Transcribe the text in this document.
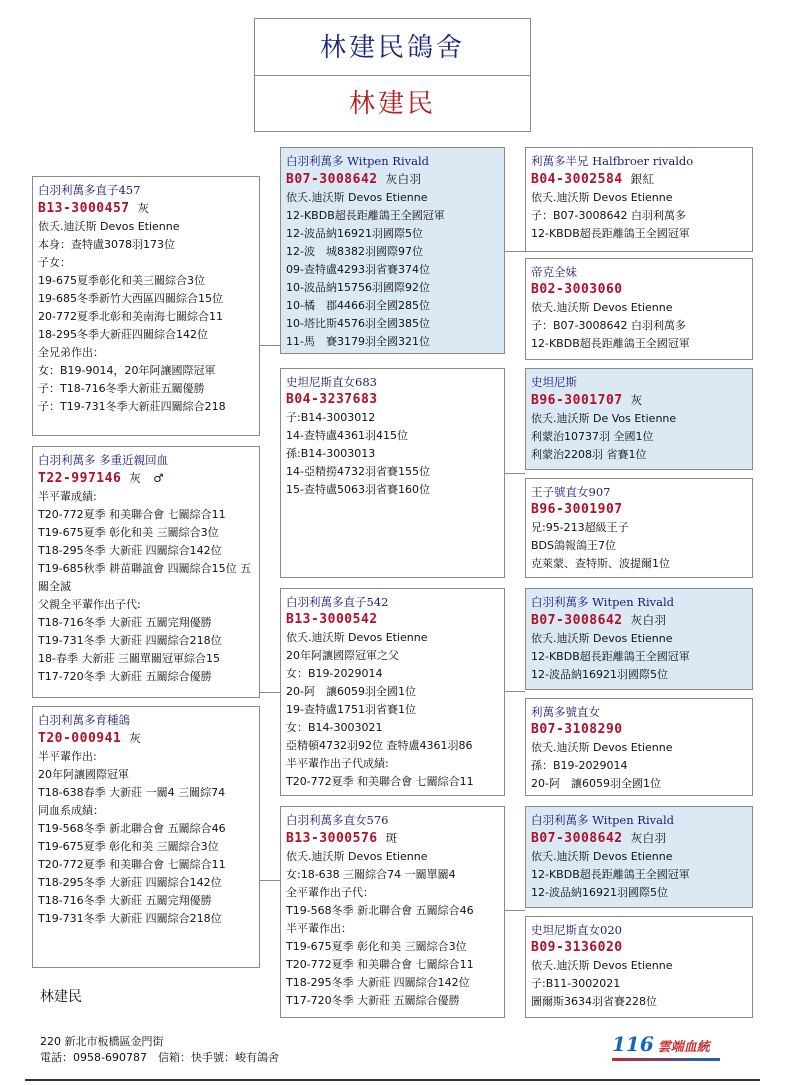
林建民鴿舍
林建民
白羽利萬多直子457
B13-3000457 灰
依夭.迪沃斯 Devos Etienne
本身：查特盧3078羽173位
子女：
19-675夏季彰化和美三關綜合3位
19-685冬季新竹大西區四關綜合15位
20-772夏季北彰和美南海七關綜合11
18-295冬季大新莊四關綜合142位
全兄弟作出：
女：B19-9014，20年阿讓國際冠軍
子：T18-716冬季大新莊五關優勝
子：T19-731冬季大新莊四關綜合218
白羽利萬多 Witpen Rivald
B07-3008642 灰白羽
依夭.迪沃斯 Devos Etienne
12-KBDB超長距離鴿王全國冠軍
12-波品納16921羽國際5位
12-波　城8382羽國際97位
09-查特盧4293羽省賽374位
10-波品納15756羽國際92位
10-橘　郡4466羽全國285位
10-塔比斯4576羽全國385位
11-馬　賽3179羽全國321位
利萬多半兄 Halfbroer rivaldo
B04-3002584 銀紅
依夭.迪沃斯 Devos Etienne
子：B07-3008642 白羽利萬多
12-KBDB超長距離鴿王全國冠軍
帝克全妹
B02-3003060
依夭.迪沃斯 Devos Etienne
子：B07-3008642 白羽利萬多
12-KBDB超長距離鴿王全國冠軍
史坦尼斯直女683
B04-3237683
子:B14-3003012
14-查特盧4361羽415位
孫:B14-3003013
14-亞精撈4732羽省賽155位
15-查特盧5063羽省賽160位
史坦尼斯
B96-3001707 灰
依夭.迪沃斯 De Vos Etienne
利蒙治10737羽 全國1位
利蒙治2208羽 省賽1位
王子號直女907
B96-3001907
兄:95-213超級王子
BDS鴿報鴿王7位
克萊蒙、查特斯、波提爾1位
白羽利萬多 多重近親回血
T22-997146 灰　♂
半平輩成績:
T20-772夏季 和美聯合會 七關綜合11
T19-675夏季 彰化和美 三關綜合3位
T18-295冬季 大新莊 四關綜合142位
T19-685秋季 耕苗聯誼會 四關綜合15位 五關全滅
父親全平輩作出子代:
T18-716冬季 大新莊 五關完翔優勝
T19-731冬季 大新莊 四關綜合218位
18-春季 大新莊 三關單關冠軍綜合15
T17-720冬季 大新莊 五關綜合優勝
白羽利萬多育種鴿
T20-000941 灰
半平輩作出:
20年阿讓國際冠軍
T18-638春季 大新莊 一關4 三關綜74
同血系成績：
T19-568冬季 新北聯合會 五關綜合46
T19-675夏季 彰化和美 三關綜合3位
T20-772夏季 和美聯合會 七關綜合11
T18-295冬季 大新莊 四關綜合142位
T18-716冬季 大新莊 五關完翔優勝
T19-731冬季 大新莊 四關綜合218位
白羽利萬多直子542
B13-3000542
依夭.迪沃斯 Devos Etienne
20年阿讓國際冠軍之父
女：B19-2029014
20-阿　讓6059羽全國1位
19-查特盧1751羽省賽1位
女：B14-3003021
亞精頓4732羽92位 查特盧4361羽86
半平輩作出子代成績:
T20-772夏季 和美聯合會 七關綜合11
白羽利萬多 Witpen Rivald
B07-3008642 灰白羽
依夭.迪沃斯 Devos Etienne
12-KBDB超長距離鴿王全國冠軍
12-波品納16921羽國際5位
利萬多號直女
B07-3108290
依夭.迪沃斯 Devos Etienne
孫：B19-2029014
20-阿　讓6059羽全國1位
白羽利萬多直女576
B13-3000576 斑
依夭.迪沃斯 Devos Etienne
女:18-638 三關綜合74 一關單關4
全平輩作出子代：
T19-568冬季 新北聯合會 五關綜合46
半平輩作出：
T19-675夏季 彰化和美 三關綜合3位
T20-772夏季 和美聯合會 七關綜合11
T18-295冬季 大新莊 四關綜合142位
T17-720冬季 大新莊 五關綜合優勝
白羽利萬多 Witpen Rivald
B07-3008642 灰白羽
依夭.迪沃斯 Devos Etienne
12-KBDB超長距離鴿王全國冠軍
12-波品納16921羽國際5位
史坦尼斯直女020
B09-3136020
依夭.迪沃斯 Devos Etienne
子:B11-3002021
圖爾斯3634羽省賽228位
林建民
220 新北市板橋區金門街
電話：0958-690787　信箱：快手號：峻有鴿舍
116 雲端血統
